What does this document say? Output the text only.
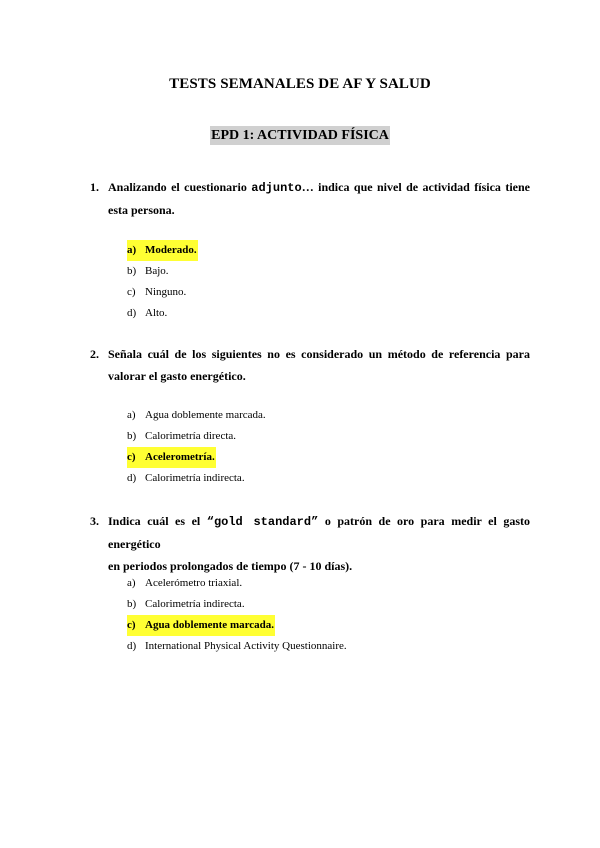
TESTS SEMANALES DE AF Y SALUD
EPD 1: ACTIVIDAD FÍSICA
1. Analizando el cuestionario adjunto… indica que nivel de actividad física tiene
esta persona.
a) Moderado.
b) Bajo.
c) Ninguno.
d) Alto.
2. Señala cuál de los siguientes no es considerado un método de referencia para
valorar el gasto energético.
a) Agua doblemente marcada.
b) Calorimetría directa.
c) Acelerometría.
d) Calorimetría indirecta.
3. Indica cuál es el “gold standard” o patrón de oro para medir el gasto energético
en periodos prolongados de tiempo (7 - 10 días).
a) Acelerómetro triaxial.
b) Calorimetría indirecta.
c) Agua doblemente marcada.
d) International Physical Activity Questionnaire.
